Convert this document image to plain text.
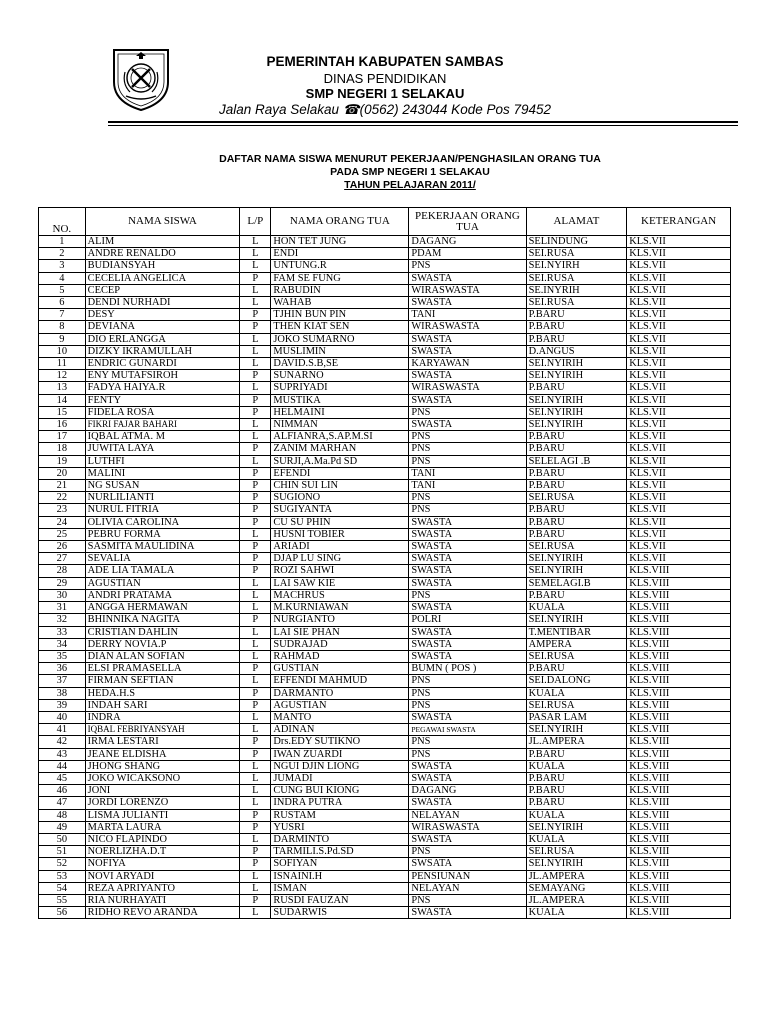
PEMERINTAH KABUPATEN SAMBAS
DINAS PENDIDIKAN
SMP NEGERI 1 SELAKAU
Jalan Raya Selakau ☎(0562) 243044 Kode Pos 79452
DAFTAR NAMA SISWA MENURUT PEKERJAAN/PENGHASILAN ORANG TUA
PADA SMP NEGERI 1 SELAKAU
TAHUN PELAJARAN 2011/
NO.	NAMA SISWA	L/P	NAMA ORANG TUA	PEKERJAAN ORANG TUA	ALAMAT	KETERANGAN
1	ALIM	L	HON TET JUNG	DAGANG	SELINDUNG	KLS.VII
2	ANDRE RENALDO	L	ENDI	PDAM	SEI.RUSA	KLS.VII
3	BUDIANSYAH	L	UNTUNG.R	PNS	SEI.NYIRH	KLS.VII
4	CECELIA ANGELICA	P	FAM SE FUNG	SWASTA	SEI.RUSA	KLS.VII
5	CECEP	L	RABUDIN	WIRASWASTA	SE.INYRIH	KLS.VII
6	DENDI NURHADI	L	WAHAB	SWASTA	SEI.RUSA	KLS.VII
7	DESY	P	TJHIN BUN PIN	TANI	P.BARU	KLS.VII
8	DEVIANA	P	THEN KIAT SEN	WIRASWASTA	P.BARU	KLS.VII
9	DIO ERLANGGA	L	JOKO SUMARNO	SWASTA	P.BARU	KLS.VII
10	DIZKY IKRAMULLAH	L	MUSLIMIN	SWASTA	D.ANGUS	KLS.VII
11	ENDRIC GUNARDI	L	DAVID.S.B,SE	KARYAWAN	SEI.NYIRIH	KLS.VII
12	ENY MUTAFSIROH	P	SUNARNO	SWASTA	SEI.NYIRIH	KLS.VII
13	FADYA HAIYA.R	L	SUPRIYADI	WIRASWASTA	P.BARU	KLS.VII
14	FENTY	P	MUSTIKA	SWASTA	SEI.NYIRIH	KLS.VII
15	FIDELA ROSA	P	HELMAINI	PNS	SEI.NYIRIH	KLS.VII
16	FIKRI FAJAR BAHARI	L	NIMMAN	SWASTA	SEI.NYIRIH	KLS.VII
17	IQBAL ATMA. M	L	ALFIANRA,S.AP.M.SI	PNS	P.BARU	KLS.VII
18	JUWITA LAYA	P	ZANIM MARHAN	PNS	P.BARU	KLS.VII
19	LUTHFI	L	SURJI,A.Ma.Pd SD	PNS	SELELAGI .B	KLS.VII
20	MALINI	P	EFENDI	TANI	P.BARU	KLS.VII
21	NG SUSAN	P	CHIN SUI LIN	TANI	P.BARU	KLS.VII
22	NURLILIANTI	P	SUGIONO	PNS	SEI.RUSA	KLS.VII
23	NURUL FITRIA	P	SUGIYANTA	PNS	P.BARU	KLS.VII
24	OLIVIA CAROLINA	P	CU SU PHIN	SWASTA	P.BARU	KLS.VII
25	PEBRU FORMA	L	HUSNI TOBIER	SWASTA	P.BARU	KLS.VII
26	SASMITA MAULIDINA	P	ARIADI	SWASTA	SEI.RUSA	KLS.VII
27	SEVALIA	P	DJAP LU SING	SWASTA	SEI.NYIRIH	KLS.VII
28	ADE LIA TAMALA	P	ROZI SAHWI	SWASTA	SEI.NYIRIH	KLS.VIII
29	AGUSTIAN	L	LAI SAW KIE	SWASTA	SEMELAGI.B	KLS.VIII
30	ANDRI PRATAMA	L	MACHRUS	PNS	P.BARU	KLS.VIII
31	ANGGA HERMAWAN	L	M.KURNIAWAN	SWASTA	KUALA	KLS.VIII
32	BHINNIKA NAGITA	P	NURGIANTO	POLRI	SEI.NYIRIH	KLS.VIII
33	CRISTIAN DAHLIN	L	LAI SIE PHAN	SWASTA	T.MENTIBAR	KLS.VIII
34	DERRY NOVIA.P	L	SUDRAJAD	SWASTA	AMPERA	KLS.VIII
35	DIAN ALAN SOFIAN	L	RAHMAD	SWASTA	SEI.RUSA	KLS.VIII
36	ELSI PRAMASELLA	P	GUSTIAN	BUMN ( POS )	P.BARU	KLS.VIII
37	FIRMAN SEFTIAN	L	EFFENDI MAHMUD	PNS	SEI.DALONG	KLS.VIII
38	HEDA.H.S	P	DARMANTO	PNS	KUALA	KLS.VIII
39	INDAH SARI	P	AGUSTIAN	PNS	SEI.RUSA	KLS.VIII
40	INDRA	L	MANTO	SWASTA	PASAR LAM	KLS.VIII
41	IQBAL FEBRIYANSYAH	L	ADINAN	PEGAWAI SWASTA	SEI.NYIRIH	KLS.VIII
42	IRMA LESTARI	P	Drs.EDY SUTIKNO	PNS	JL.AMPERA	KLS.VIII
43	JEANE ELDISHA	P	IWAN ZUARDI	PNS	P.BARU	KLS.VIII
44	JHONG SHANG	L	NGUI DJIN LIONG	SWASTA	KUALA	KLS.VIII
45	JOKO WICAKSONO	L	JUMADI	SWASTA	P.BARU	KLS.VIII
46	JONI	L	CUNG BUI KIONG	DAGANG	P.BARU	KLS.VIII
47	JORDI LORENZO	L	INDRA PUTRA	SWASTA	P.BARU	KLS.VIII
48	LISMA JULIANTI	P	RUSTAM	NELAYAN	KUALA	KLS.VIII
49	MARTA LAURA	P	YUSRI	WIRASWASTA	SEI.NYIRIH	KLS.VIII
50	NICO FLAPINDO	L	DARMINTO	SWASTA	KUALA	KLS.VIII
51	NOERLIZHA.D.T	P	TARMILI.S.Pd.SD	PNS	SEI.RUSA	KLS.VIII
52	NOFIYA	P	SOFIYAN	SWSATA	SEI.NYIRIH	KLS.VIII
53	NOVI ARYADI	L	ISNAINI.H	PENSIUNAN	JL.AMPERA	KLS.VIII
54	REZA APRIYANTO	L	ISMAN	NELAYAN	SEMAYANG	KLS.VIII
55	RIA NURHAYATI	P	RUSDI FAUZAN	PNS	JL.AMPERA	KLS.VIII
56	RIDHO REVO ARANDA	L	SUDARWIS	SWASTA	KUALA	KLS.VIII
